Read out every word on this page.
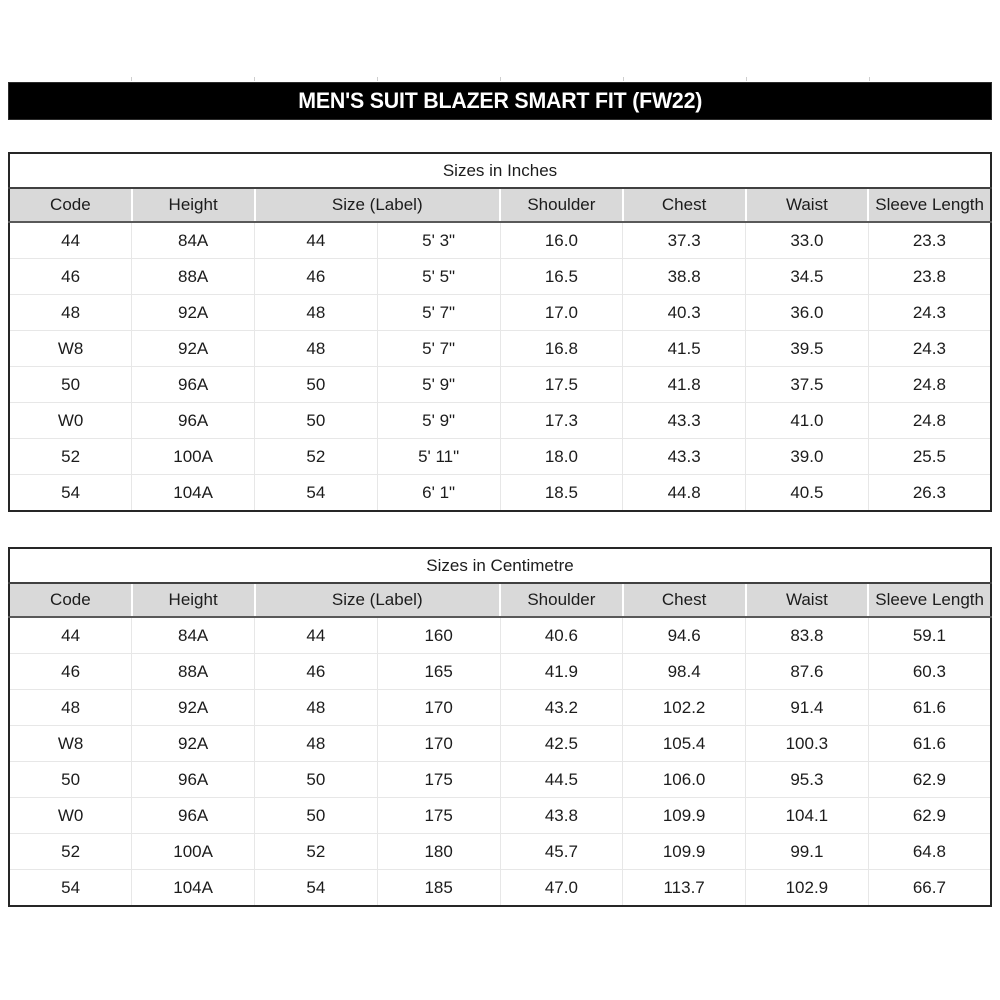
MEN'S SUIT BLAZER SMART FIT (FW22)
Sizes in Inches							
Code	Height	Size (Label)		Shoulder	Chest	Waist	Sleeve Length
44	84A	44	5' 3"	16.0	37.3	33.0	23.3
46	88A	46	5' 5"	16.5	38.8	34.5	23.8
48	92A	48	5' 7"	17.0	40.3	36.0	24.3
W8	92A	48	5' 7"	16.8	41.5	39.5	24.3
50	96A	50	5' 9"	17.5	41.8	37.5	24.8
W0	96A	50	5' 9"	17.3	43.3	41.0	24.8
52	100A	52	5' 11"	18.0	43.3	39.0	25.5
54	104A	54	6' 1"	18.5	44.8	40.5	26.3
Sizes in Centimetre							
Code	Height	Size (Label)		Shoulder	Chest	Waist	Sleeve Length
44	84A	44	160	40.6	94.6	83.8	59.1
46	88A	46	165	41.9	98.4	87.6	60.3
48	92A	48	170	43.2	102.2	91.4	61.6
W8	92A	48	170	42.5	105.4	100.3	61.6
50	96A	50	175	44.5	106.0	95.3	62.9
W0	96A	50	175	43.8	109.9	104.1	62.9
52	100A	52	180	45.7	109.9	99.1	64.8
54	104A	54	185	47.0	113.7	102.9	66.7
